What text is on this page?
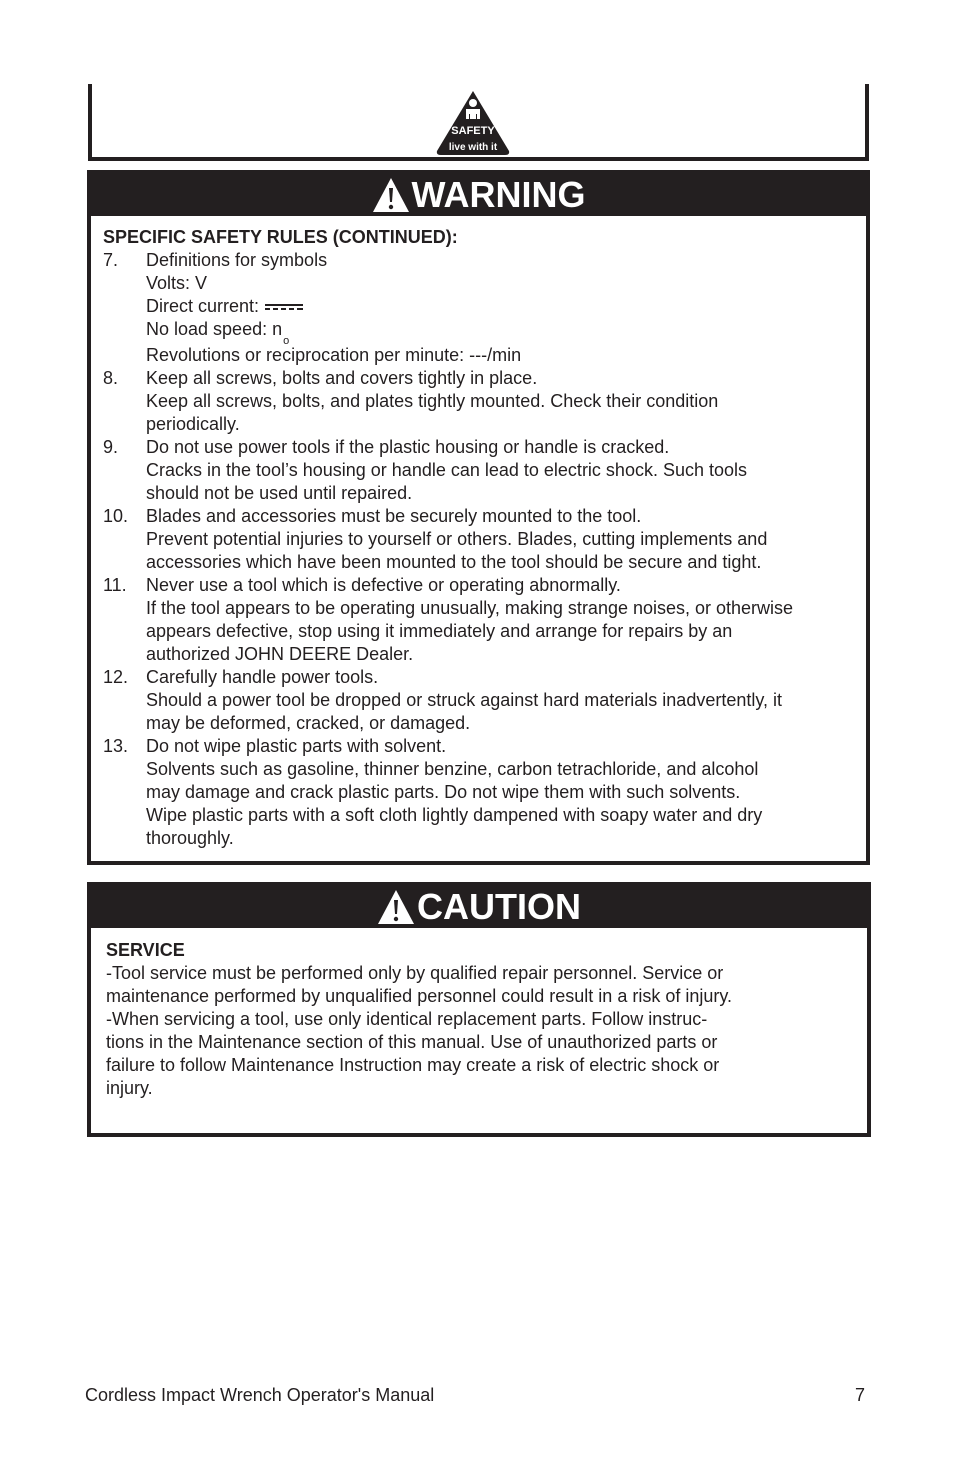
SAFETY
live with it
WARNING
SPECIFIC SAFETY RULES (CONTINUED):
7.	Definitions for symbols
Volts: V
Direct current:
No load speed: $n_o$
Revolutions or reciprocation per minute: ---/min
8.	Keep all screws, bolts and covers tightly in place.
Keep all screws, bolts, and plates tightly mounted. Check their condition
periodically.
9.	Do not use power tools if the plastic housing or handle is cracked.
Cracks in the tool’s housing or handle can lead to electric shock. Such tools
should not be used until repaired.
10. Blades and accessories must be securely mounted to the tool.
Prevent potential injuries to yourself or others. Blades, cutting implements and
accessories which have been mounted to the tool should be secure and tight.
11.	Never use a tool which is defective or operating abnormally.
If the tool appears to be operating unusually, making strange noises, or otherwise
appears defective, stop using it immediately and arrange for repairs by an
authorized JOHN DEERE Dealer.
12. Carefully handle power tools.
Should a power tool be dropped or struck against hard materials inadvertently, it
may be deformed, cracked, or damaged.
13. Do not wipe plastic parts with solvent.
Solvents such as gasoline, thinner benzine, carbon tetrachloride, and alcohol
may damage and crack plastic parts. Do not wipe them with such solvents.
Wipe plastic parts with a soft cloth lightly dampened with soapy water and dry
thoroughly.
CAUTION
SERVICE
-Tool service must be performed only by qualified repair personnel. Service or
maintenance performed by unqualified personnel could result in a risk of injury.
-When servicing a tool, use only identical replacement parts. Follow instruc-
tions in the Maintenance section of this manual. Use of unauthorized parts or
failure to follow Maintenance Instruction may create a risk of electric shock or
injury.
Cordless Impact Wrench Operator's Manual	7
